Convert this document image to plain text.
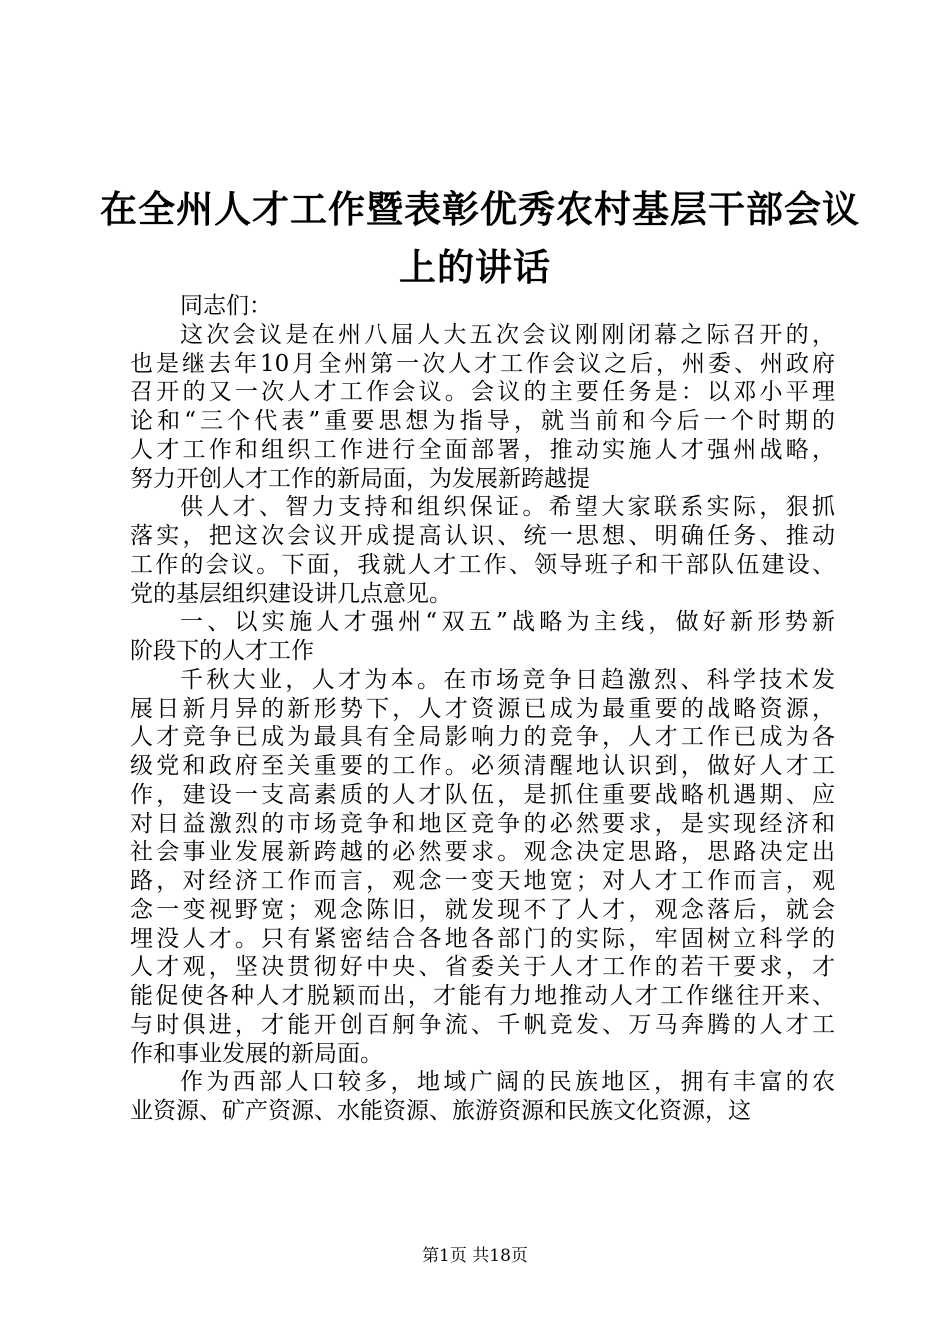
在全州人才工作暨表彰优秀农村基层干部会议
上的讲话
同志们：
这次会议是在州八届人大五次会议刚刚闭幕之际召开的，
也是继去年10月全州第一次人才工作会议之后，州委、州政府
召开的又一次人才工作会议。会议的主要任务是：以邓小平理
论和“三个代表”重要思想为指导，就当前和今后一个时期的
人才工作和组织工作进行全面部署，推动实施人才强州战略，
努力开创人才工作的新局面，为发展新跨越提
供人才、智力支持和组织保证。希望大家联系实际，狠抓
落实，把这次会议开成提高认识、统一思想、明确任务、推动
工作的会议。下面，我就人才工作、领导班子和干部队伍建设、
党的基层组织建设讲几点意见。
一、以实施人才强州“双五”战略为主线，做好新形势新
阶段下的人才工作
千秋大业，人才为本。在市场竞争日趋激烈、科学技术发
展日新月异的新形势下，人才资源已成为最重要的战略资源，
人才竞争已成为最具有全局影响力的竞争，人才工作已成为各
级党和政府至关重要的工作。必须清醒地认识到，做好人才工
作，建设一支高素质的人才队伍，是抓住重要战略机遇期、应
对日益激烈的市场竞争和地区竞争的必然要求，是实现经济和
社会事业发展新跨越的必然要求。观念决定思路，思路决定出
路，对经济工作而言，观念一变天地宽；对人才工作而言，观
念一变视野宽；观念陈旧，就发现不了人才，观念落后，就会
埋没人才。只有紧密结合各地各部门的实际，牢固树立科学的
人才观，坚决贯彻好中央、省委关于人才工作的若干要求，才
能促使各种人才脱颖而出，才能有力地推动人才工作继往开来、
与时俱进，才能开创百舸争流、千帆竞发、万马奔腾的人才工
作和事业发展的新局面。
作为西部人口较多，地域广阔的民族地区，拥有丰富的农
业资源、矿产资源、水能资源、旅游资源和民族文化资源，这
第1页 共18页
